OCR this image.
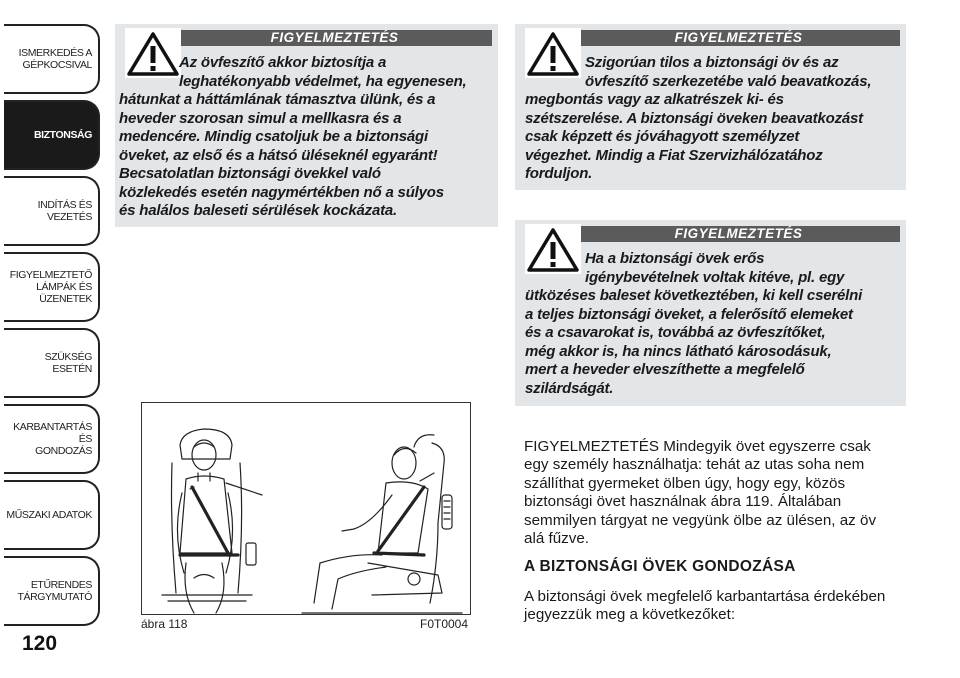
ISMERKEDÉS A
GÉPKOCSIVAL
BIZTONSÁG
INDÍTÁS ÉS VEZETÉS
FIGYELMEZTETŐ
LÁMPÁK ÉS
ÜZENETEK
SZÜKSÉG ESETÉN
KARBANTARTÁS ÉS
GONDOZÁS
MŰSZAKI ADATOK
ETŰRENDES
TÁRGYMUTATÓ
120
FIGYELMEZTETÉS
Az övfeszítő akkor biztosítja a
leghatékonyabb védelmet, ha egyenesen,
hátunkat a háttámlának támasztva ülünk, és a
heveder szorosan simul a mellkasra és a
medencére. Mindig csatoljuk be a biztonsági
öveket, az első és a hátsó üléseknél egyaránt!
Becsatolatlan biztonsági övekkel való
közlekedés esetén nagymértékben nő a súlyos
és halálos baleseti sérülések kockázata.
FIGYELMEZTETÉS
Szigorúan tilos a biztonsági öv és az
övfeszítő szerkezetébe való beavatkozás,
megbontás vagy az alkatrészek ki- és
szétszerelése. A biztonsági öveken beavatkozást
csak képzett és jóváhagyott személyzet
végezhet. Mindig a Fiat Szervizhálózatához
forduljon.
FIGYELMEZTETÉS
Ha a biztonsági övek erős
igénybevételnek voltak kitéve, pl. egy
ütközéses baleset következtében, ki kell cserélni
a teljes biztonsági öveket, a felerősítő elemeket
és a csavarokat is, továbbá az övfeszítőket,
még akkor is, ha nincs látható károsodásuk,
mert a heveder elveszíthette a megfelelő
szilárdságát.
ábra 118	F0T0004
FIGYELMEZTETÉS Mindegyik övet egyszerre csak
egy személy használhatja: tehát az utas soha nem
szállíthat gyermeket ölben úgy, hogy egy, közös
biztonsági övet használnak ábra 119. Általában
semmilyen tárgyat ne vegyünk ölbe az ülésen, az öv
alá fűzve.
A BIZTONSÁGI ÖVEK GONDOZÁSA
A biztonsági övek megfelelő karbantartása érdekében
jegyezzük meg a következőket:
